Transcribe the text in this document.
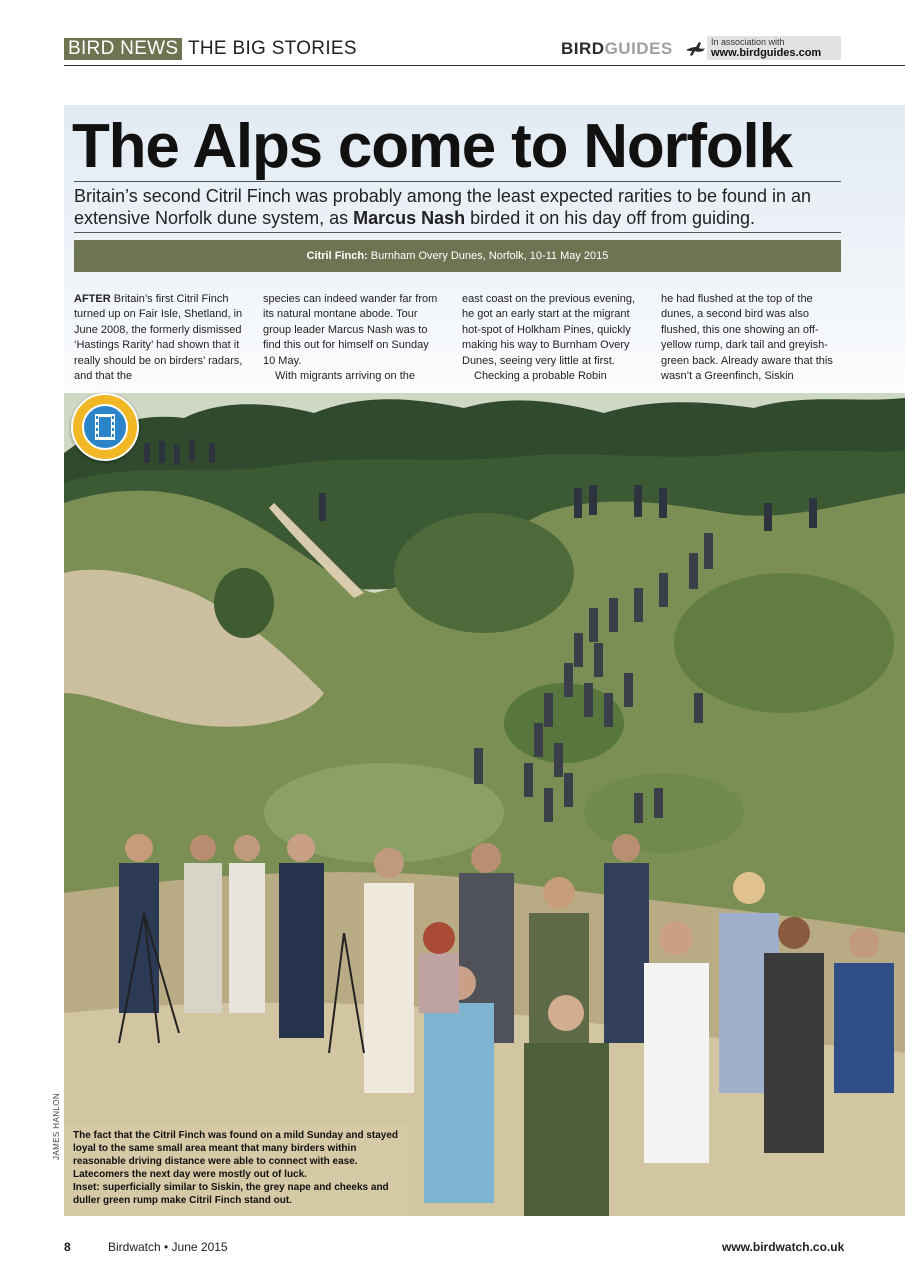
BIRD NEWS THE BIG STORIES	BIRDGUIDES	In association with
www.birdguides.com
The Alps come to Norfolk

Britain’s second Citril Finch was probably among the least expected rarities to be found in an extensive Norfolk dune system, as Marcus Nash birded it on his day off from guiding.

Citril Finch: Burnham Overy Dunes, Norfolk, 10-11 May 2015
AFTER Britain’s first Citril Finch turned up on Fair Isle, Shetland, in June 2008, the formerly dismissed ‘Hastings Rarity’ had shown that it really should be on birders’ radars, and that the
species can indeed wander far from its natural montane abode. Tour group leader Marcus Nash was to find this out for himself on Sunday 10 May.
With migrants arriving on the
east coast on the previous evening, he got an early start at the migrant hot-spot of Holkham Pines, quickly making his way to Burnham Overy Dunes, seeing very little at first.
Checking a probable Robin
he had flushed at the top of the dunes, a second bird was also flushed, this one showing an off-yellow rump, dark tail and greyish-green back. Already aware that this wasn’t a Greenfinch, Siskin
The fact that the Citril Finch was found on a mild Sunday and stayed loyal to the same small area meant that many birders within reasonable driving distance were able to connect with ease. Latecomers the next day were mostly out of luck.
Inset: superficially similar to Siskin, the grey nape and cheeks and duller green rump make Citril Finch stand out.
JAMES HANLON
8	Birdwatch • June 2015	www.birdwatch.co.uk
